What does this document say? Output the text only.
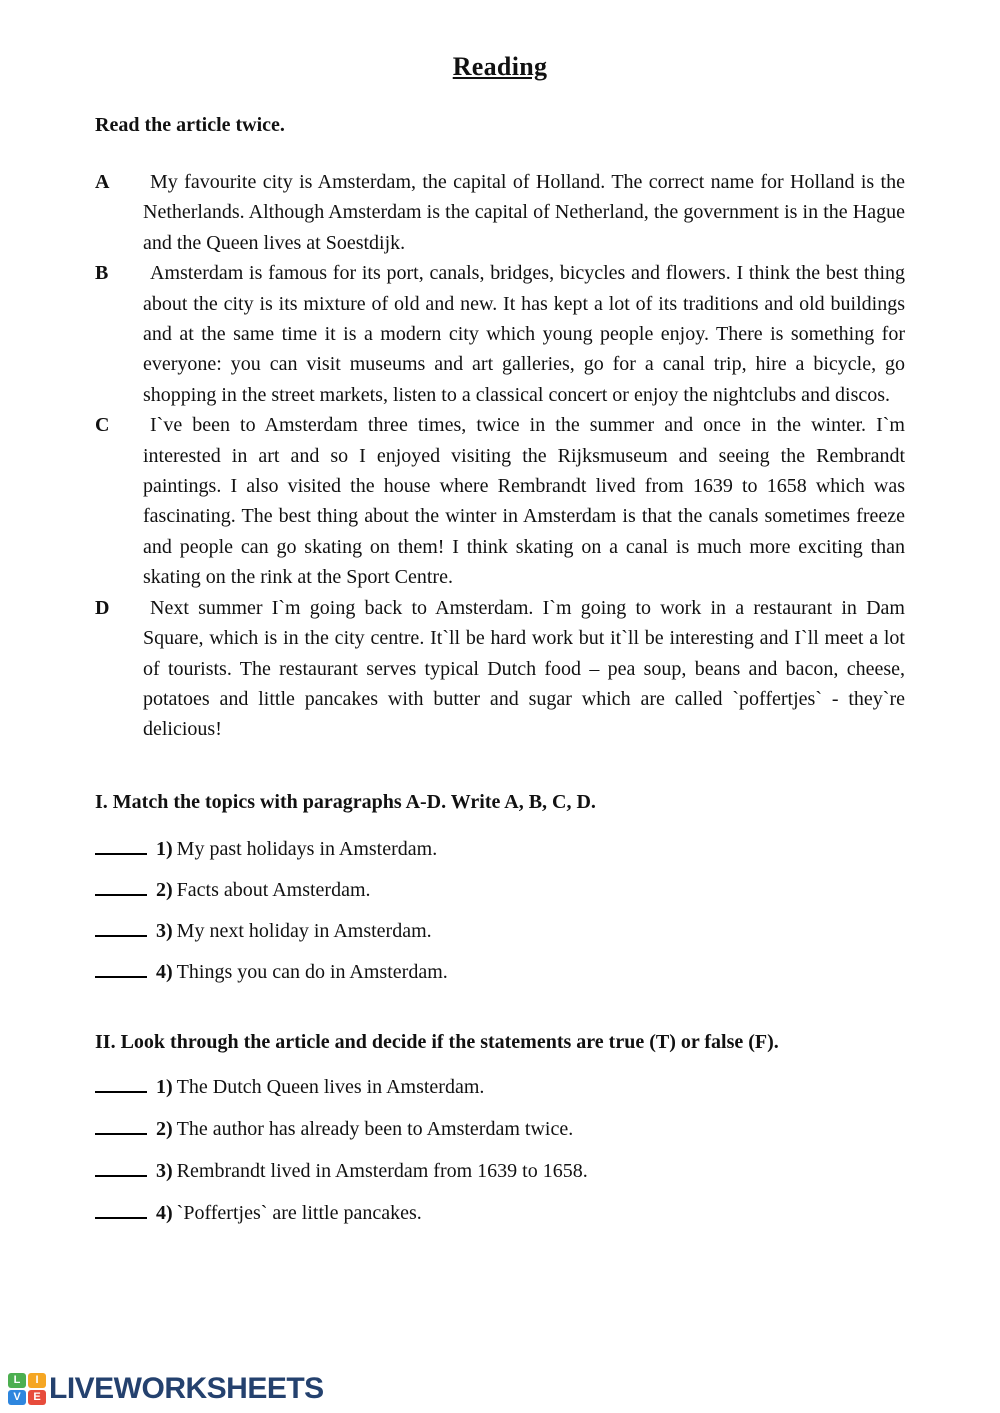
Reading
Read the article twice.
A	My favourite city is Amsterdam, the capital of Holland. The correct name for Holland is the Netherlands. Although Amsterdam is the capital of Netherland, the government is in the Hague and the Queen lives at Soestdijk.
B	Amsterdam is famous for its port, canals, bridges, bicycles and flowers. I think the best thing about the city is its mixture of old and new. It has kept a lot of its traditions and old buildings and at the same time it is a modern city which young people enjoy. There is something for everyone: you can visit museums and art galleries, go for a canal trip, hire a bicycle, go shopping in the street markets, listen to a classical concert or enjoy the nightclubs and discos.
C	I`ve been to Amsterdam three times, twice in the summer and once in the winter. I`m interested in art and so I enjoyed visiting the Rijksmuseum and seeing the Rembrandt paintings. I also visited the house where Rembrandt lived from 1639 to 1658 which was fascinating. The best thing about the winter in Amsterdam is that the canals sometimes freeze and people can go skating on them! I think skating on a canal is much more exciting than skating on the rink at the Sport Centre.
D	Next summer I`m going back to Amsterdam. I`m going to work in a restaurant in Dam Square, which is in the city centre. It`ll be hard work but it`ll be interesting and I`ll meet a lot of tourists. The restaurant serves typical Dutch food – pea soup, beans and bacon, cheese, potatoes and little pancakes with butter and sugar which are called `poffertjes` - they`re delicious!
I. Match the topics with paragraphs A-D. Write A, B, C, D.
1) My past holidays in Amsterdam.
2) Facts about Amsterdam.
3) My next holiday in Amsterdam.
4) Things you can do in Amsterdam.
II. Look through the article and decide if the statements are true (T) or false (F).
1) The Dutch Queen lives in Amsterdam.
2) The author has already been to Amsterdam twice.
3) Rembrandt lived in Amsterdam from 1639 to 1658.
4) `Poffertjes` are little pancakes.
L	I
V	E LIVEWORKSHEETS
